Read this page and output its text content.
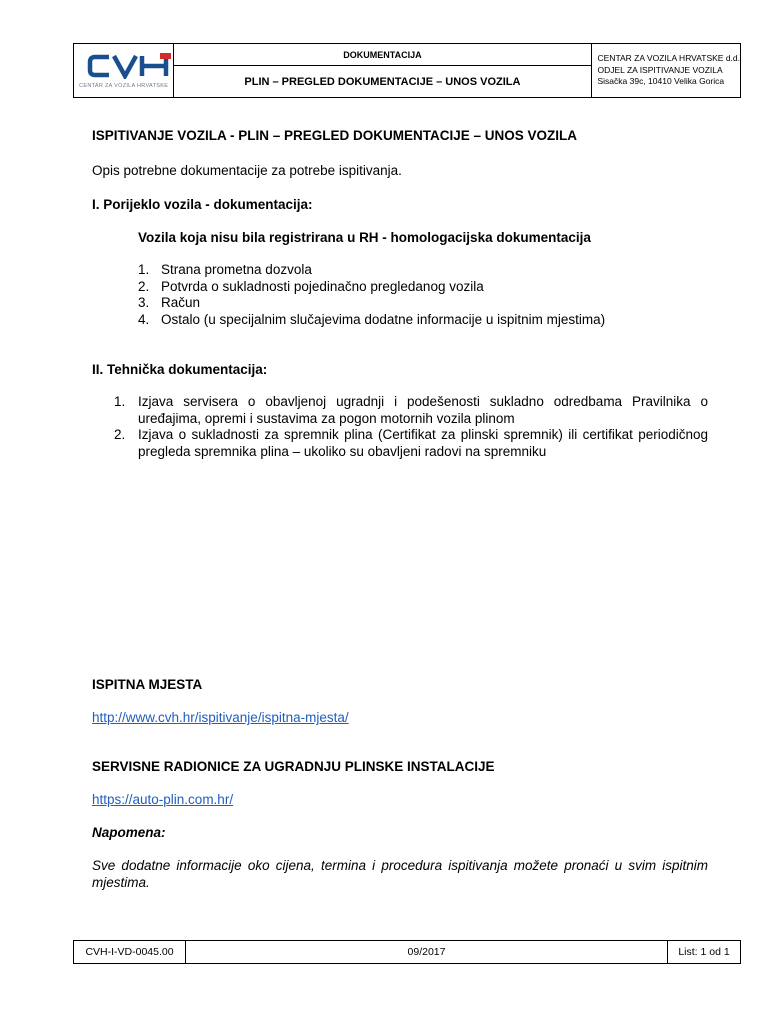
CENTAR ZA VOZILA HRVATSKE
DOKUMENTACIJA
PLIN – PREGLED DOKUMENTACIJE – UNOS VOZILA
CENTAR ZA VOZILA HRVATSKE d.d.
ODJEL ZA ISPITIVANJE VOZILA
Sisačka 39c, 10410 Velika Gorica
ISPITIVANJE VOZILA - PLIN – PREGLED DOKUMENTACIJE – UNOS VOZILA
Opis potrebne dokumentacije za potrebe ispitivanja.
I. Porijeklo vozila - dokumentacija:
Vozila koja nisu bila registrirana u RH - homologacijska dokumentacija
1. Strana prometna dozvola
2. Potvrda o sukladnosti pojedinačno pregledanog vozila
3. Račun
4. Ostalo (u specijalnim slučajevima dodatne informacije u ispitnim mjestima)
II. Tehnička dokumentacija:
1. Izjava servisera o obavljenoj ugradnji i podešenosti sukladno odredbama Pravilnika o uređajima, opremi i sustavima za pogon motornih vozila plinom
2. Izjava o sukladnosti za spremnik plina (Certifikat za plinski spremnik) ili certifikat periodičnog pregleda spremnika plina – ukoliko su obavljeni radovi na spremniku
ISPITNA MJESTA
http://www.cvh.hr/ispitivanje/ispitna-mjesta/
SERVISNE RADIONICE ZA UGRADNJU PLINSKE INSTALACIJE
https://auto-plin.com.hr/
Napomena:
Sve dodatne informacije oko cijena, termina i procedura ispitivanja možete pronaći u svim ispitnim mjestima.
CVH-I-VD-0045.00	09/2017	List: 1 od 1
